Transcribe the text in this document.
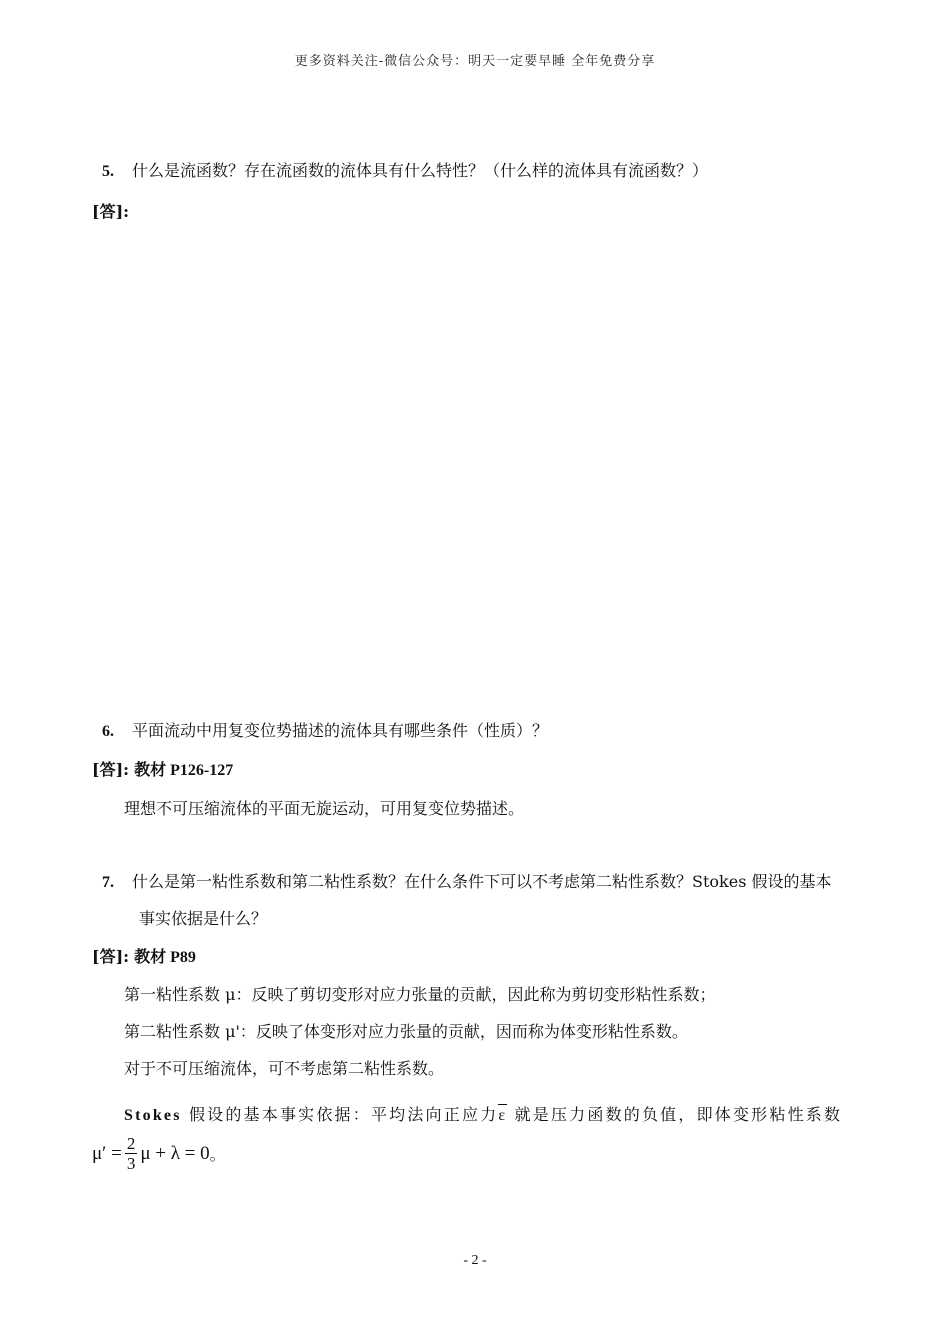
更多资料关注-微信公众号：明天一定要早睡 全年免费分享
5. 什么是流函数？存在流函数的流体具有什么特性？（什么样的流体具有流函数？）
[答]:
6. 平面流动中用复变位势描述的流体具有哪些条件（性质）？
[答]: 教材 P126-127
理想不可压缩流体的平面无旋运动，可用复变位势描述。
7. 什么是第一粘性系数和第二粘性系数？在什么条件下可以不考虑第二粘性系数？Stokes 假设的基本
事实依据是什么？
[答]: 教材 P89
第一粘性系数 μ：反映了剪切变形对应力张量的贡献，因此称为剪切变形粘性系数；
第二粘性系数 μ'：反映了体变形对应力张量的贡献，因而称为体变形粘性系数。
对于不可压缩流体，可不考虑第二粘性系数。
Stokes 假设的基本事实依据：平均法向正应力
ε 就是压力函数的负值，即体变形粘性系数
$\mu' = \frac{2}{3}$ μ + λ = 0 。
- 2 -
